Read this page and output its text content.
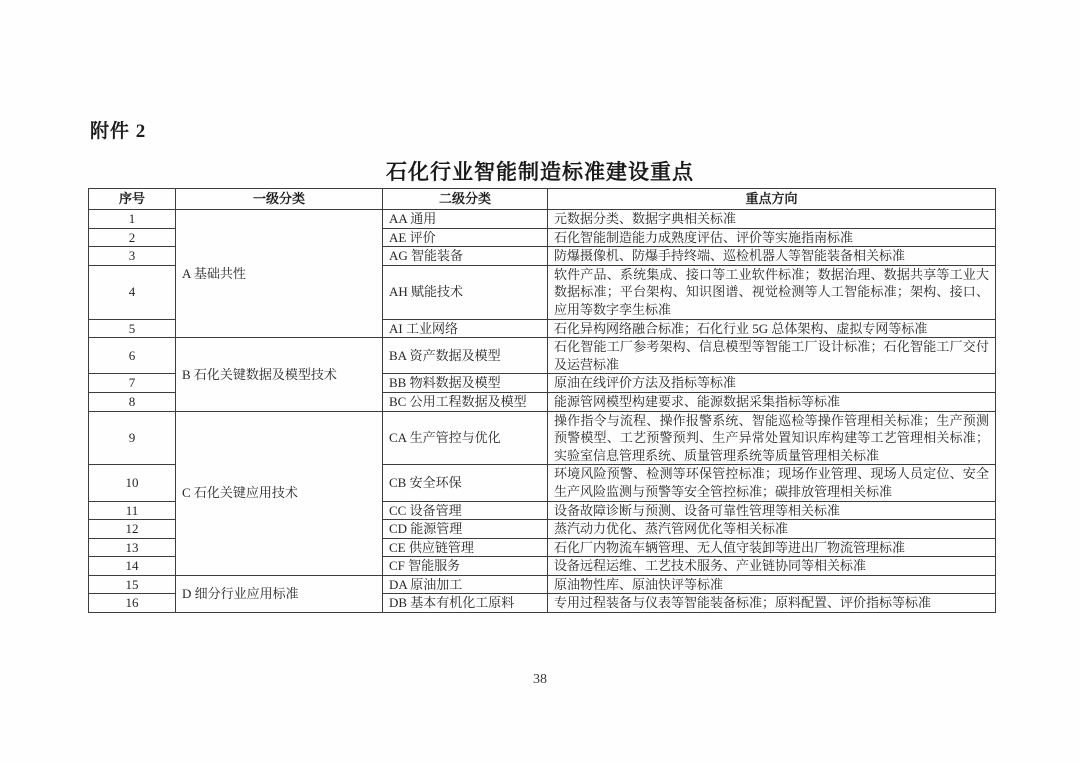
附件 2
石化行业智能制造标准建设重点
序号	一级分类	二级分类	重点方向
1	A 基础共性	AA 通用	元数据分类、数据字典相关标准
2		AE 评价	石化智能制造能力成熟度评估、评价等实施指南标准
3		AG 智能装备	防爆摄像机、防爆手持终端、巡检机器人等智能装备相关标准
4		AH 赋能技术	软件产品、系统集成、接口等工业软件标准；数据治理、数据共享等工业大数据标准；平台架构、知识图谱、视觉检测等人工智能标准；架构、接口、应用等数字孪生标准
5		AI 工业网络	石化异构网络融合标准；石化行业 5G 总体架构、虚拟专网等标准
6	B 石化关键数据及模型技术	BA 资产数据及模型	石化智能工厂参考架构、信息模型等智能工厂设计标准；石化智能工厂交付及运营标准
7		BB 物料数据及模型	原油在线评价方法及指标等标准
8		BC 公用工程数据及模型	能源管网模型构建要求、能源数据采集指标等标准
9	C 石化关键应用技术	CA 生产管控与优化	操作指令与流程、操作报警系统、智能巡检等操作管理相关标准；生产预测预警模型、工艺预警预判、生产异常处置知识库构建等工艺管理相关标准；实验室信息管理系统、质量管理系统等质量管理相关标准
10		CB 安全环保	环境风险预警、检测等环保管控标准；现场作业管理、现场人员定位、安全生产风险监测与预警等安全管控标准；碳排放管理相关标准
11		CC 设备管理	设备故障诊断与预测、设备可靠性管理等相关标准
12		CD 能源管理	蒸汽动力优化、蒸汽管网优化等相关标准
13		CE 供应链管理	石化厂内物流车辆管理、无人值守装卸等进出厂物流管理标准
14		CF 智能服务	设备远程运维、工艺技术服务、产业链协同等相关标准
15	D 细分行业应用标准	DA 原油加工	原油物性库、原油快评等标准
16		DB 基本有机化工原料	专用过程装备与仪表等智能装备标准；原料配置、评价指标等标准
38
